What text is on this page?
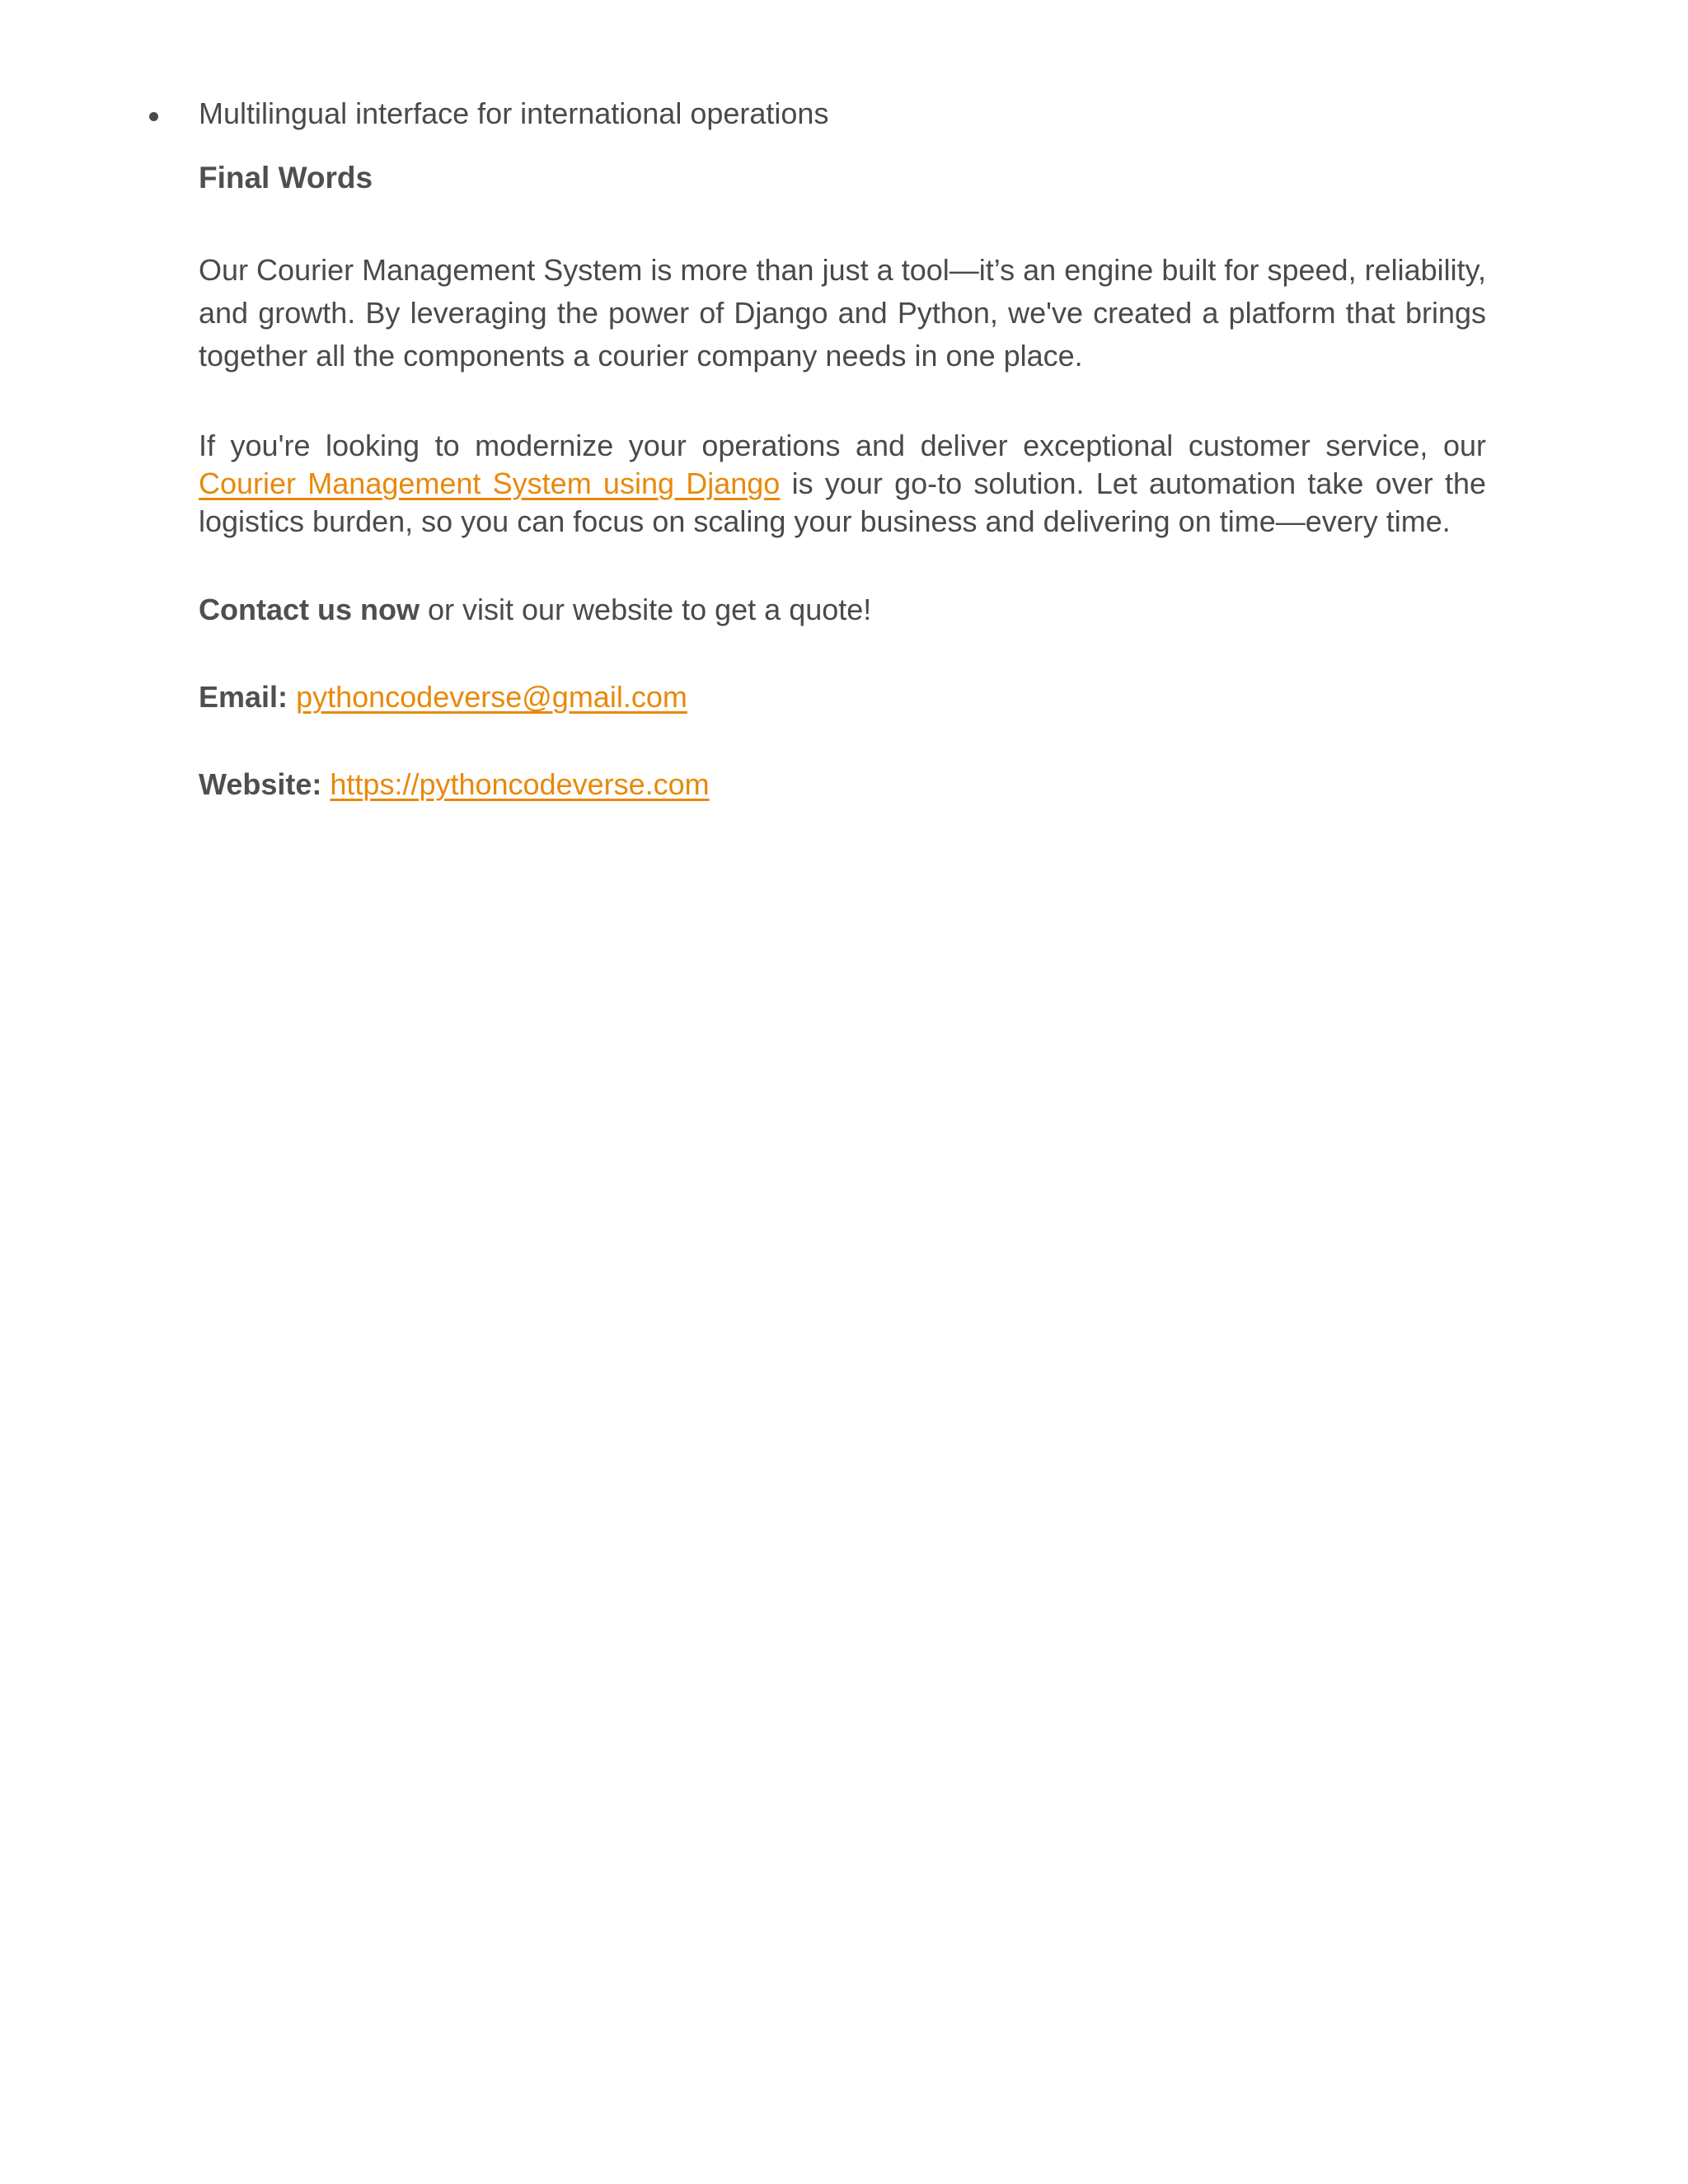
Multilingual interface for international operations

Final Words

Our Courier Management System is more than just a tool—it’s an engine built for speed, reliability, and growth. By leveraging the power of Django and Python, we've created a platform that brings together all the components a courier company needs in one place.

If you're looking to modernize your operations and deliver exceptional customer service, our Courier Management System using Django is your go-to solution. Let automation take over the logistics burden, so you can focus on scaling your business and delivering on time—every time.

Contact us now or visit our website to get a quote!

Email: pythoncodeverse@gmail.com

Website: https://pythoncodeverse.com
